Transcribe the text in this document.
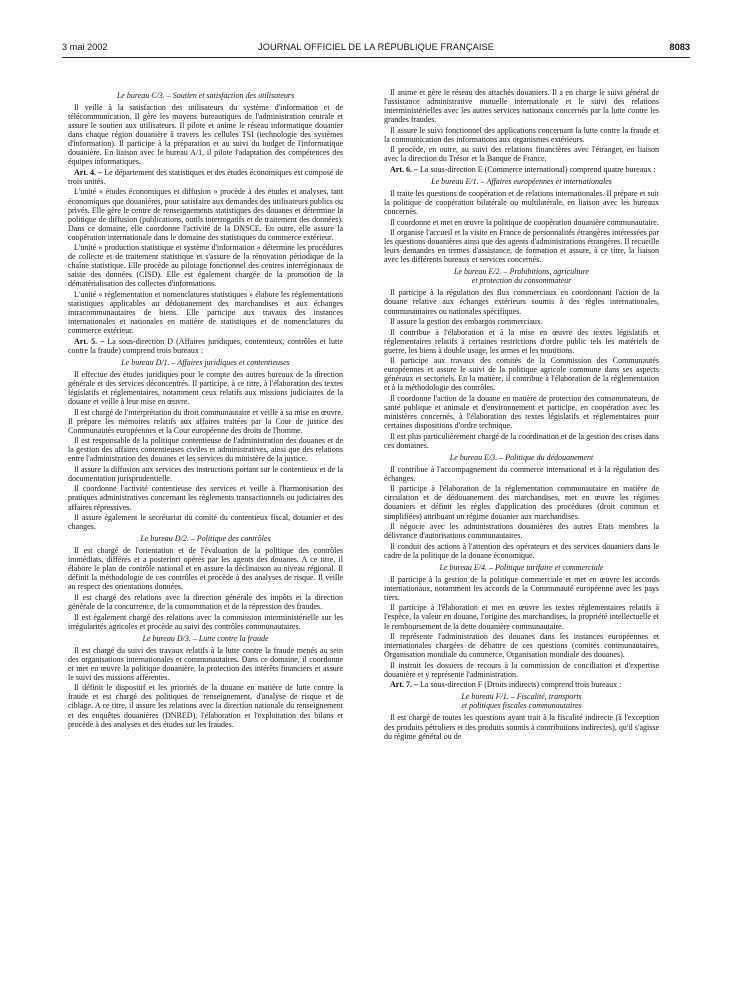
3 mai 2002	JOURNAL OFFICIEL DE LA RÉPUBLIQUE FRANÇAISE	8083

Le bureau C/3. – Soutien et satisfaction des utilisateurs

Il veille à la satisfaction des utilisateurs du système d'information et de télécommunication. Il gère les moyens bureautiques de l'administration centrale et assure le soutien aux utilisateurs. Il pilote et anime le réseau informatique douanier dans chaque région douanière à travers les cellules TSI (technologie des systèmes d'information). Il participe à la préparation et au suivi du budget de l'informatique douanière. En liaison avec le bureau A/1, il pilote l'adaptation des compétences des équipes informatiques.

Art. 4. – Le département des statistiques et des études économiques est composé de trois unités.

L'unité « études économiques et diffusion » procède à des études et analyses, tant économiques que douanières, pour satisfaire aux demandes des utilisateurs publics ou privés. Elle gère le centre de renseignements statistiques des douanes et détermine la politique de diffusion (publications, outils interrogatifs et de traitement des données). Dans ce domaine, elle coordonne l'activité de la DNSCE. En outre, elle assure la coopération internationale dans le domaine des statistiques du commerce extérieur.

L'unité « production statistique et système d'information » détermine les procédures de collecte et de traitement statistique et s'assure de la rénovation périodique de la chaîne statistique. Elle procède au pilotage fonctionnel des centres interrégionaux de saisie des données (CISD). Elle est également chargée de la promotion de la dématérialisation des collectes d'informations.

L'unité « réglementation et nomenclatures statistiques » élabore les réglementations statistiques applicables au dédouanement des marchandises et aux échanges intracommunautaires de biens. Elle participe aux travaux des instances internationales et nationales en matière de statistiques et de nomenclatures du commerce extérieur.

Art. 5. – La sous-direction D (Affaires juridiques, contentieux, contrôles et lutte contre la fraude) comprend trois bureaux :

Le bureau D/1. – Affaires juridiques et contentieuses

Il effectue des études juridiques pour le compte des autres bureaux de la direction générale et des services déconcentrés. Il participe, à ce titre, à l'élaboration des textes législatifs et réglementaires, notamment ceux relatifs aux missions judiciaires de la douane et veille à leur mise en œuvre.

Il est chargé de l'interprétation du droit communautaire et veille à sa mise en œuvre. Il prépare les mémoires relatifs aux affaires traitées par la Cour de justice des Communautés européennes et la Cour européenne des droits de l'homme.

Il est responsable de la politique contentieuse de l'administration des douanes et de la gestion des affaires contentieuses civiles et administratives, ainsi que des relations entre l'administration des douanes et les services du ministère de la justice.

Il assure la diffusion aux services des instructions portant sur le contentieux et de la documentation jurisprudentielle.

Il coordonne l'activité contentieuse des services et veille à l'harmonisation des pratiques administratives concernant les règlements transactionnels ou judiciaires des affaires répressives.

Il assure également le secrétariat du comité du contentieux fiscal, douanier et des changes.

Le bureau D/2. – Politique des contrôles

Il est chargé de l'orientation et de l'évaluation de la politique des contrôles immédiats, différés et a posteriori opérés par les agents des douanes. A ce titre, il élabore le plan de contrôle national et en assure la déclinaison au niveau régional. Il définit la méthodologie de ces contrôles et procède à des analyses de risque. Il veille au respect des orientations données.

Il est chargé des relations avec la direction générale des impôts et la direction générale de la concurrence, de la consommation et de la répression des fraudes.

Il est également chargé des relations avec la commission interministérielle sur les irrégularités agricoles et procède au suivi des contrôles communautaires.

Le bureau D/3. – Lutte contre la fraude

Il est chargé du suivi des travaux relatifs à la lutte contre la fraude menés au sein des organisations internationales et communautaires. Dans ce domaine, il coordonne et met en œuvre la politique douanière, la protection des intérêts financiers et assure le suivi des missions afférentes.

Il définit le dispositif et les priorités de la douane en matière de lutte contre la fraude et est chargé des politiques de renseignement, d'analyse de risque et de ciblage. A ce titre, il assure les relations avec la direction nationale du renseignement et des enquêtes douanières (DNRED), l'élaboration et l'exploitation des bilans et procède à des analyses et des études sur les fraudes.

Il anime et gère le réseau des attachés douaniers. Il a en charge le suivi général de l'assistance administrative mutuelle internationale et le suivi des relations interministérielles avec les autres services nationaux concernés par la lutte contre les grandes fraudes.

Il assure le suivi fonctionnel des applications concernant la lutte contre la fraude et la communication des informations aux organismes extérieurs.

Il procède, en outre, au suivi des relations financières avec l'étranger, en liaison avec la direction du Trésor et la Banque de France.

Art. 6. – La sous-direction E (Commerce international) comprend quatre bureaux :

Le bureau E/1. – Affaires européennes et internationales

Il traite les questions de coopération et de relations internationales. Il prépare et suit la politique de coopération bilatérale ou multilatérale, en liaison avec les bureaux concernés.

Il coordonne et met en œuvre la politique de coopération douanière communautaire.

Il organise l'accueil et la visite en France de personnalités étrangères intéressées par les questions douanières ainsi que des agents d'administrations étrangères. Il recueille leurs demandes en termes d'assistance, de formation et assure, à ce titre, la liaison avec les différents bureaux et services concernés.

Le bureau E/2. – Prohibitions, agriculture
et protection du consommateur

Il participe à la régulation des flux commerciaux en coordonnant l'action de la douane relative aux échanges extérieurs soumis à des règles internationales, communautaires ou nationales spécifiques.

Il assure la gestion des embargos commerciaux.

Il contribue à l'élaboration et à la mise en œuvre des textes législatifs et réglementaires relatifs à certaines restrictions d'ordre public tels les matériels de guerre, les biens à double usage, les armes et les munitions.

Il participe aux travaux des comités de la Commission des Communautés européennes et assure le suivi de la politique agricole commune dans ses aspects généraux et sectoriels. En la matière, il contribue à l'élaboration de la réglementation et à la méthodologie des contrôles.

Il coordonne l'action de la douane en matière de protection des consommateurs, de santé publique et animale et d'environnement et participe, en coopération avec les ministères concernés, à l'élaboration des textes législatifs et réglementaires pour certaines dispositions d'ordre technique.

Il est plus particulièrement chargé de la coordination et de la gestion des crises dans ces domaines.

Le bureau E/3. – Politique du dédouanement

Il contribue à l'accompagnement du commerce international et à la régulation des échanges.

Il participe à l'élaboration de la réglementation communautaire en matière de circulation et de dédouanement des marchandises, met en œuvre les régimes douaniers et définit les règles d'application des procédures (droit commun et simplifiées) attribuant un régime douanier aux marchandises.

Il négocie avec les administrations douanières des autres Etats membres la délivrance d'autorisations communautaires.

Il conduit des actions à l'attention des opérateurs et des services douaniers dans le cadre de la politique de la douane économique.

Le bureau E/4. – Politique tarifaire et commerciale

Il participe à la gestion de la politique commerciale et met en œuvre les accords internationaux, notamment les accords de la Communauté européenne avec les pays tiers.

Il participe à l'élaboration et met en œuvre les textes réglementaires relatifs à l'espèce, la valeur en douane, l'origine des marchandises, la propriété intellectuelle et le remboursement de la dette douanière communautaire.

Il représente l'administration des douanes dans les instances européennes et internationales chargées de débattre de ces questions (comités communautaires, Organisation mondiale du commerce, Organisation mondiale des douanes).

Il instruit les dossiers de recours à la commission de conciliation et d'expertise douanière et y représente l'administration.

Art. 7. – La sous-direction F (Droits indirects) comprend trois bureaux :

Le bureau F/1. – Fiscalité, transports
et politiques fiscales communautaires

Il est chargé de toutes les questions ayant trait à la fiscalité indirecte (à l'exception des produits pétroliers et des produits soumis à contributions indirectes), qu'il s'agisse du régime général ou de
